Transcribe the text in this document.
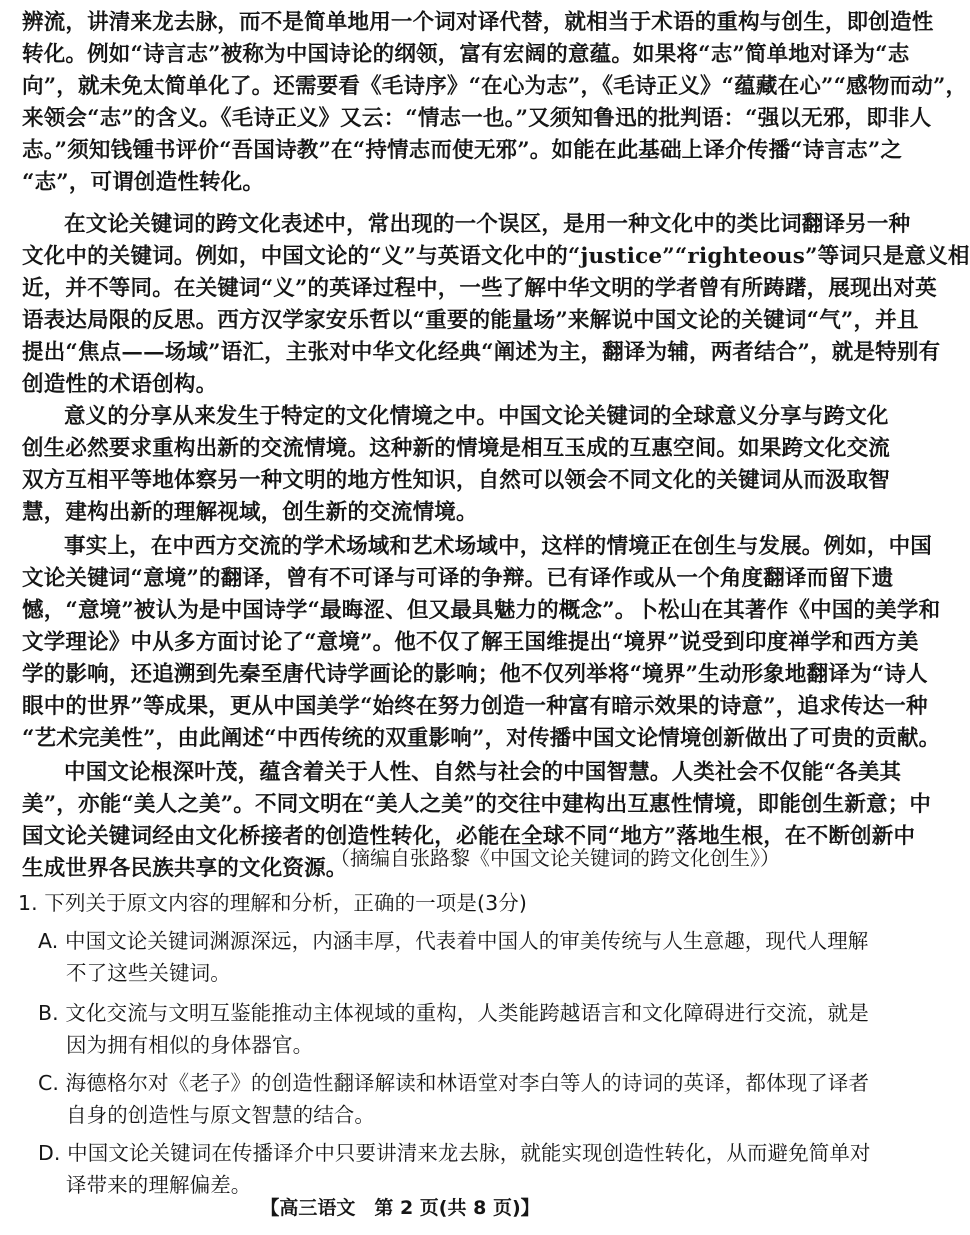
辨流，讲清来龙去脉，而不是简单地用一个词对译代替，就相当于术语的重构与创生，即创造性
转化。例如“诗言志”被称为中国诗论的纲领，富有宏阔的意蕴。如果将“志”简单地对译为“志
向”，就未免太简单化了。还需要看《毛诗序》“在心为志”，《毛诗正义》“蕴藏在心”“感物而动”，
来领会“志”的含义。《毛诗正义》又云：“情志一也。”又须知鲁迅的批判语：“强以无邪，即非人
志。”须知钱锺书评价“吾国诗教”在“持情志而使无邪”。如能在此基础上译介传播“诗言志”之
“志”，可谓创造性转化。
在文论关键词的跨文化表述中，常出现的一个误区，是用一种文化中的类比词翻译另一种
文化中的关键词。例如，中国文论的“义”与英语文化中的“justice”“righteous”等词只是意义相
近，并不等同。在关键词“义”的英译过程中，一些了解中华文明的学者曾有所踌躇，展现出对英
语表达局限的反思。西方汉学家安乐哲以“重要的能量场”来解说中国文论的关键词“气”，并且
提出“焦点——场域”语汇，主张对中华文化经典“阐述为主，翻译为辅，两者结合”，就是特别有
创造性的术语创构。
意义的分享从来发生于特定的文化情境之中。中国文论关键词的全球意义分享与跨文化
创生必然要求重构出新的交流情境。这种新的情境是相互玉成的互惠空间。如果跨文化交流
双方互相平等地体察另一种文明的地方性知识，自然可以领会不同文化的关键词从而汲取智
慧，建构出新的理解视域，创生新的交流情境。
事实上，在中西方交流的学术场域和艺术场域中，这样的情境正在创生与发展。例如，中国
文论关键词“意境”的翻译，曾有不可译与可译的争辩。已有译作或从一个角度翻译而留下遗
憾，“意境”被认为是中国诗学“最晦涩、但又最具魅力的概念”。卜松山在其著作《中国的美学和
文学理论》中从多方面讨论了“意境”。他不仅了解王国维提出“境界”说受到印度禅学和西方美
学的影响，还追溯到先秦至唐代诗学画论的影响；他不仅列举将“境界”生动形象地翻译为“诗人
眼中的世界”等成果，更从中国美学“始终在努力创造一种富有暗示效果的诗意”，追求传达一种
“艺术完美性”，由此阐述“中西传统的双重影响”，对传播中国文论情境创新做出了可贵的贡献。
中国文论根深叶茂，蕴含着关于人性、自然与社会的中国智慧。人类社会不仅能“各美其
美”，亦能“美人之美”。不同文明在“美人之美”的交往中建构出互惠性情境，即能创生新意；中
国文论关键词经由文化桥接者的创造性转化，必能在全球不同“地方”落地生根，在不断创新中
生成世界各民族共享的文化资源。
（摘编自张路黎《中国文论关键词的跨文化创生》）
1. 下列关于原文内容的理解和分析，正确的一项是(3分)
A. 中国文论关键词渊源深远，内涵丰厚，代表着中国人的审美传统与人生意趣，现代人理解
不了这些关键词。
B. 文化交流与文明互鉴能推动主体视域的重构，人类能跨越语言和文化障碍进行交流，就是
因为拥有相似的身体器官。
C. 海德格尔对《老子》的创造性翻译解读和林语堂对李白等人的诗词的英译，都体现了译者
自身的创造性与原文智慧的结合。
D. 中国文论关键词在传播译介中只要讲清来龙去脉，就能实现创造性转化，从而避免简单对
译带来的理解偏差。
【高三语文　第 2 页(共 8 页)】
